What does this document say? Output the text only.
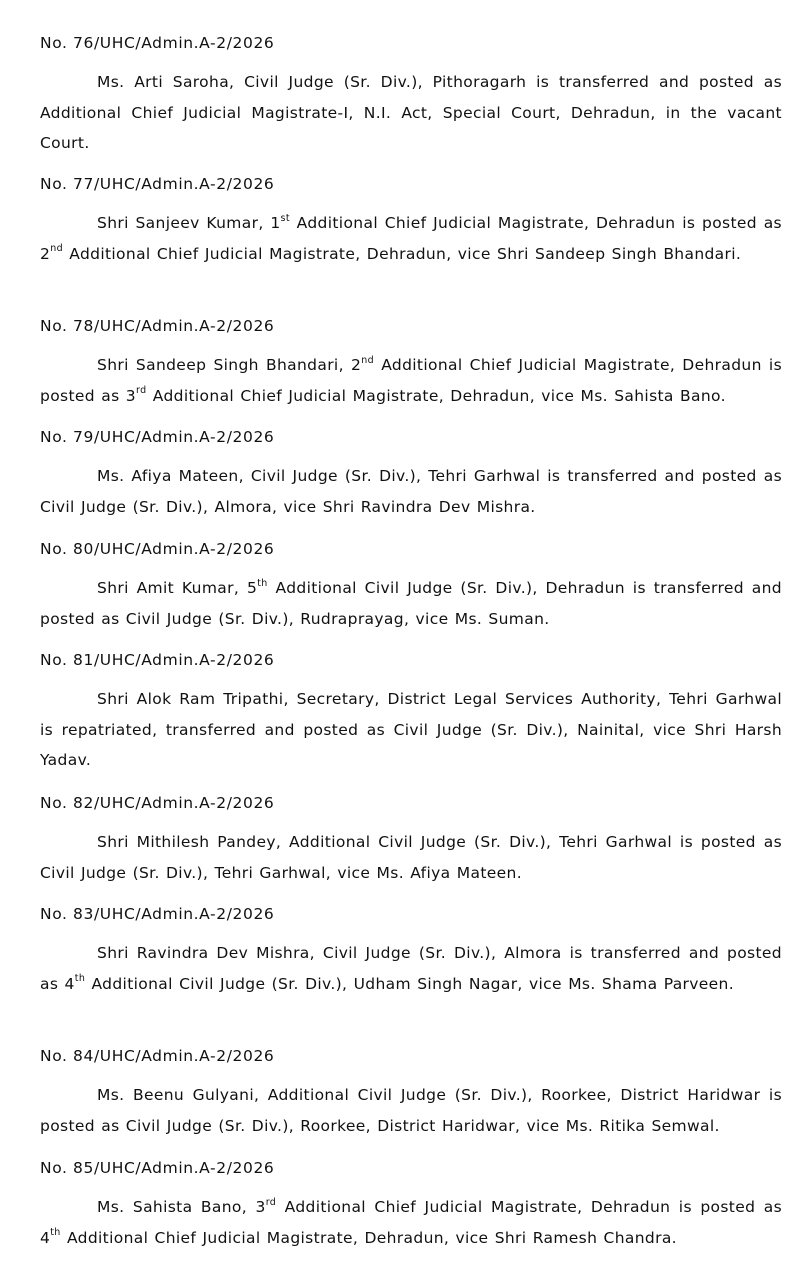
No. 76/UHC/Admin.A-2/2026
Ms. Arti Saroha, Civil Judge (Sr. Div.), Pithoragarh is transferred and posted as Additional Chief Judicial Magistrate-I, N.I. Act, Special Court, Dehradun, in the vacant Court.
No. 77/UHC/Admin.A-2/2026
Shri Sanjeev Kumar, 1st Additional Chief Judicial Magistrate, Dehradun is posted as 2nd Additional Chief Judicial Magistrate, Dehradun, vice Shri Sandeep Singh Bhandari.
No. 78/UHC/Admin.A-2/2026
Shri Sandeep Singh Bhandari, 2nd Additional Chief Judicial Magistrate, Dehradun is posted as 3rd Additional Chief Judicial Magistrate, Dehradun, vice Ms. Sahista Bano.
No. 79/UHC/Admin.A-2/2026
Ms. Afiya Mateen, Civil Judge (Sr. Div.), Tehri Garhwal is transferred and posted as Civil Judge (Sr. Div.), Almora, vice Shri Ravindra Dev Mishra.
No. 80/UHC/Admin.A-2/2026
Shri Amit Kumar, 5th Additional Civil Judge (Sr. Div.), Dehradun is transferred and posted as Civil Judge (Sr. Div.), Rudraprayag, vice Ms. Suman.
No. 81/UHC/Admin.A-2/2026
Shri Alok Ram Tripathi, Secretary, District Legal Services Authority, Tehri Garhwal is repatriated, transferred and posted as Civil Judge (Sr. Div.), Nainital, vice Shri Harsh Yadav.
No. 82/UHC/Admin.A-2/2026
Shri Mithilesh Pandey, Additional Civil Judge (Sr. Div.), Tehri Garhwal is posted as Civil Judge (Sr. Div.), Tehri Garhwal, vice Ms. Afiya Mateen.
No. 83/UHC/Admin.A-2/2026
Shri Ravindra Dev Mishra, Civil Judge (Sr. Div.), Almora is transferred and posted as 4th Additional Civil Judge (Sr. Div.), Udham Singh Nagar, vice Ms. Shama Parveen.
No. 84/UHC/Admin.A-2/2026
Ms. Beenu Gulyani, Additional Civil Judge (Sr. Div.), Roorkee, District Haridwar is posted as Civil Judge (Sr. Div.), Roorkee, District Haridwar, vice Ms. Ritika Semwal.
No. 85/UHC/Admin.A-2/2026
Ms. Sahista Bano, 3rd Additional Chief Judicial Magistrate, Dehradun is posted as 4th Additional Chief Judicial Magistrate, Dehradun, vice Shri Ramesh Chandra.
